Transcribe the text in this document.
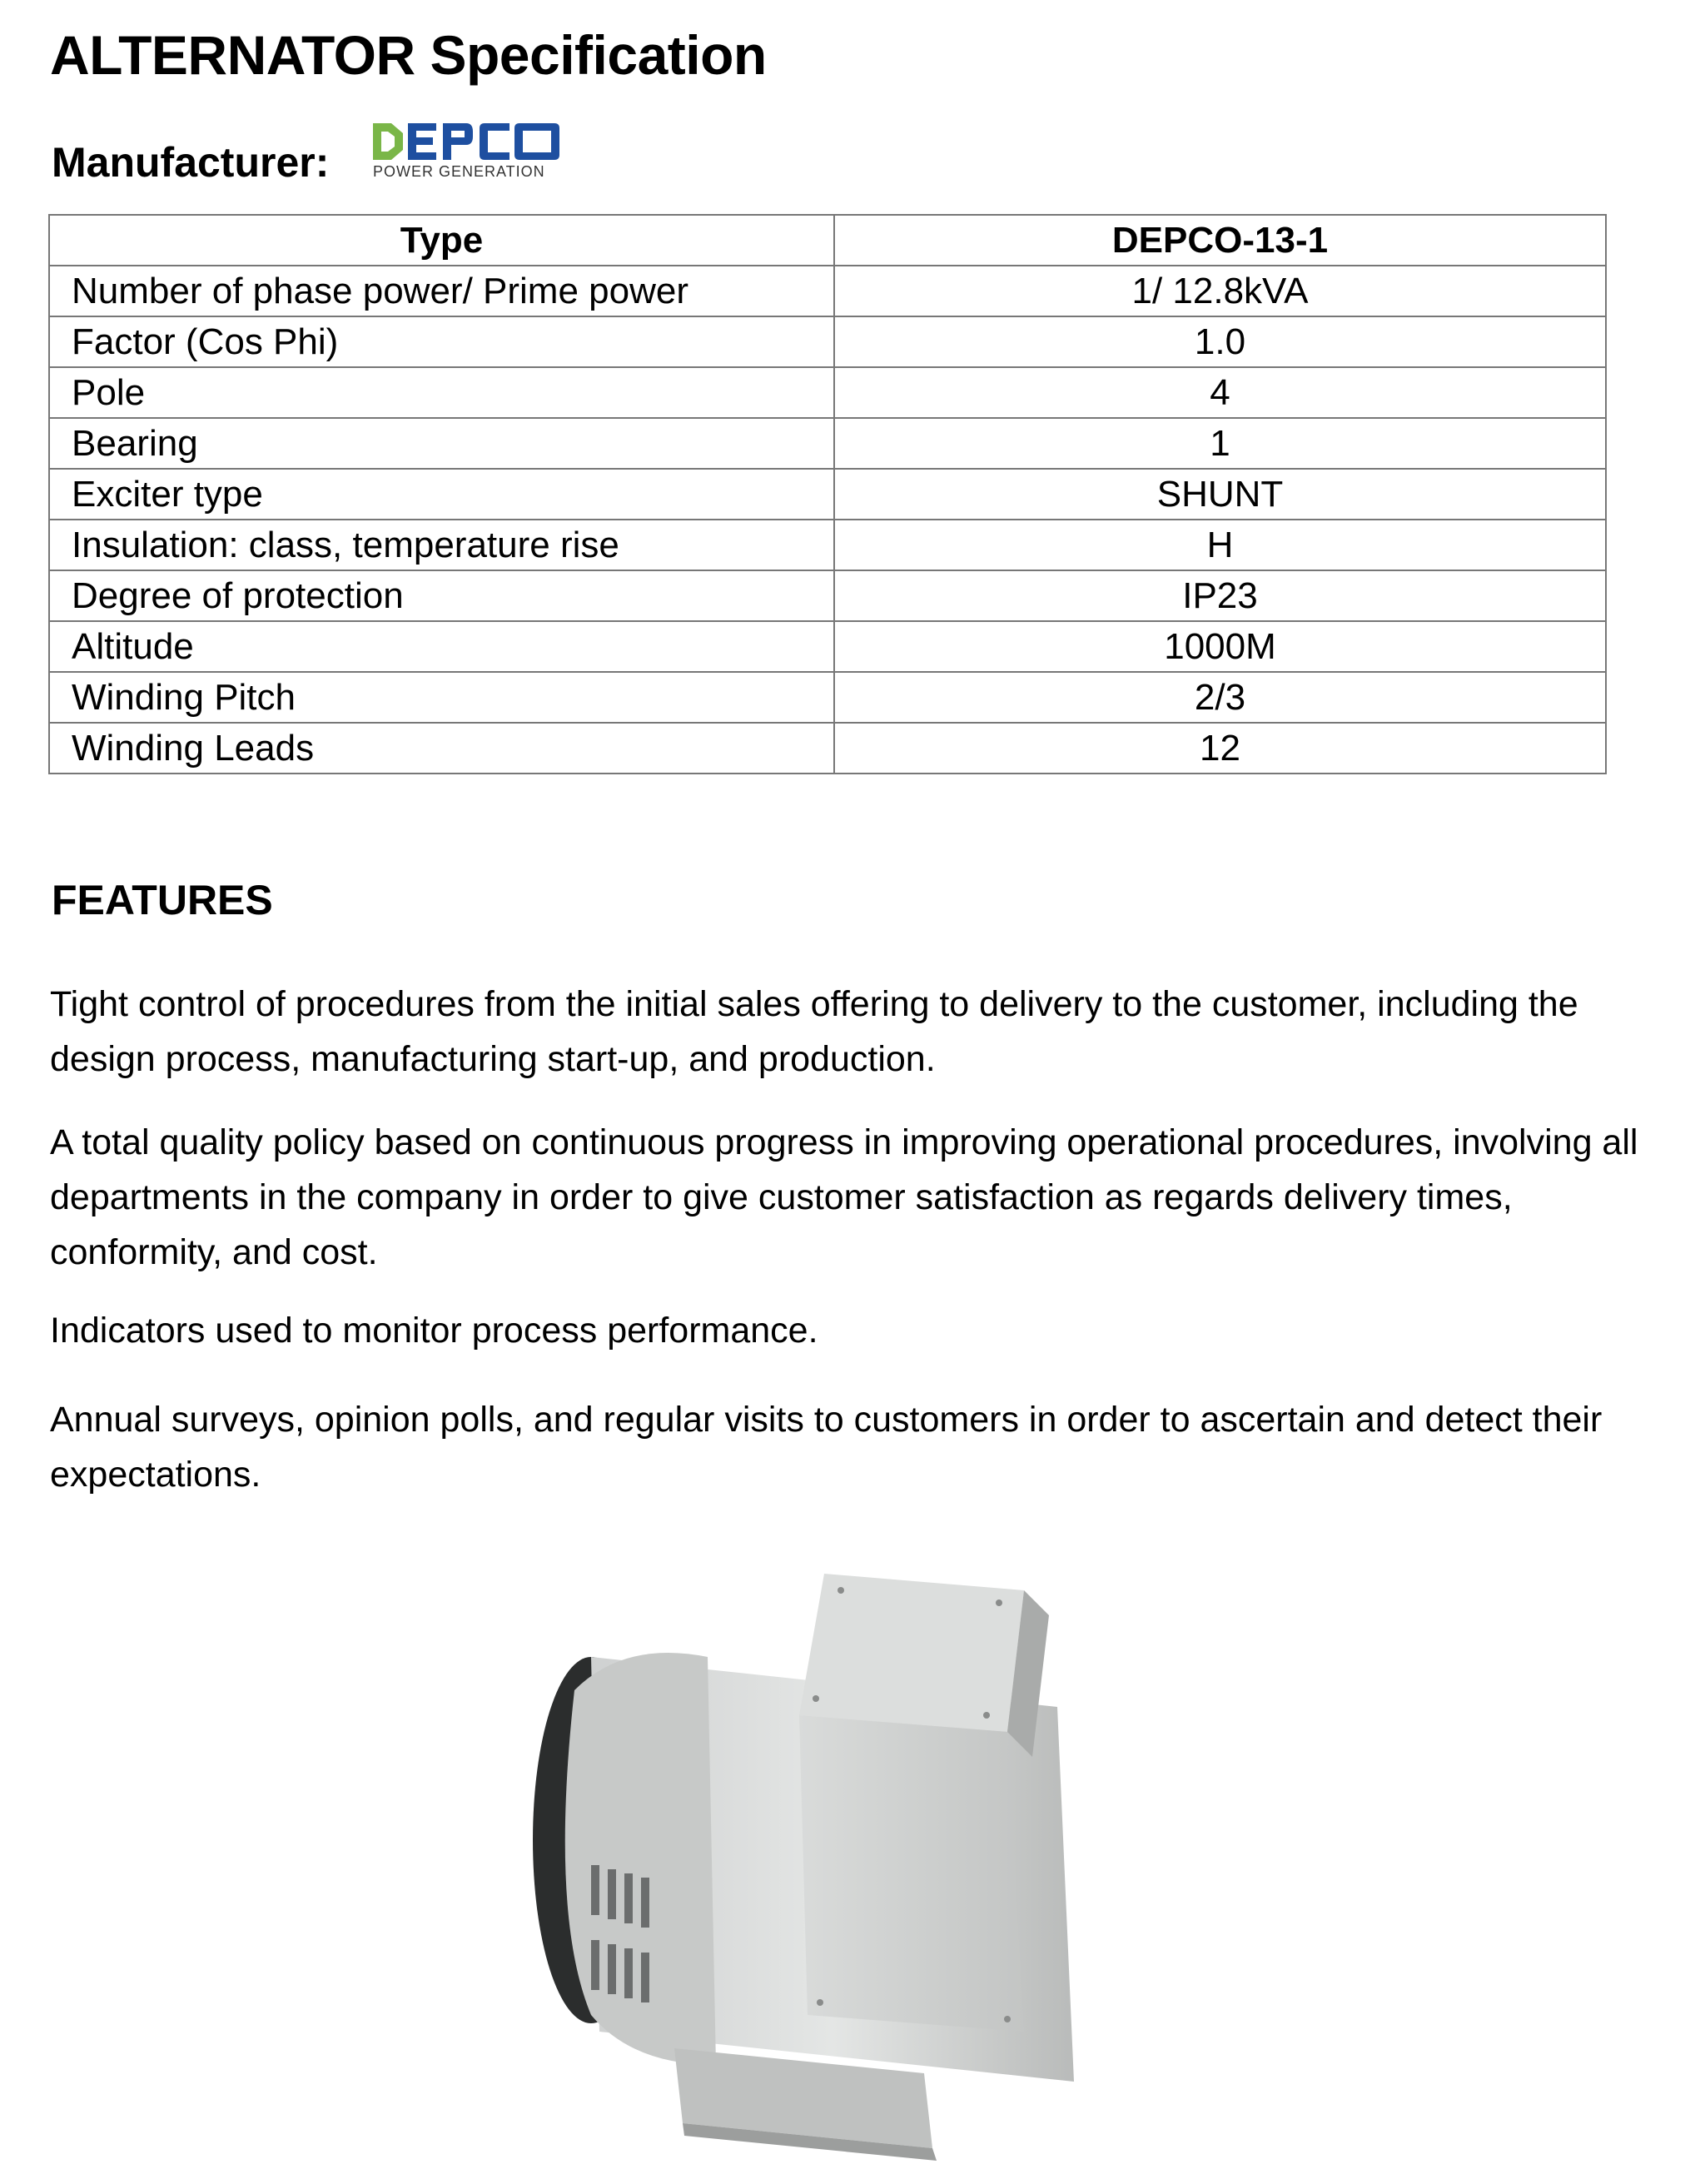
ALTERNATOR Specification
Manufacturer:	POWER GENERATION
Type	DEPCO-13-1
Number of phase power/ Prime power	1/ 12.8kVA
Factor (Cos Phi)	1.0
Pole	4
Bearing	1
Exciter type	SHUNT
Insulation: class, temperature rise	H
Degree of protection	IP23
Altitude	1000M
Winding Pitch	2/3
Winding Leads	12
FEATURES
Tight control of procedures from the initial sales offering to delivery to the customer, including the design process, manufacturing start-up, and production.
A total quality policy based on continuous progress in improving operational procedures, involving all departments in the company in order to give customer satisfaction as regards delivery times, conformity, and cost.
Indicators used to monitor process performance.
Annual surveys, opinion polls, and regular visits to customers in order to ascertain and detect their expectations.
